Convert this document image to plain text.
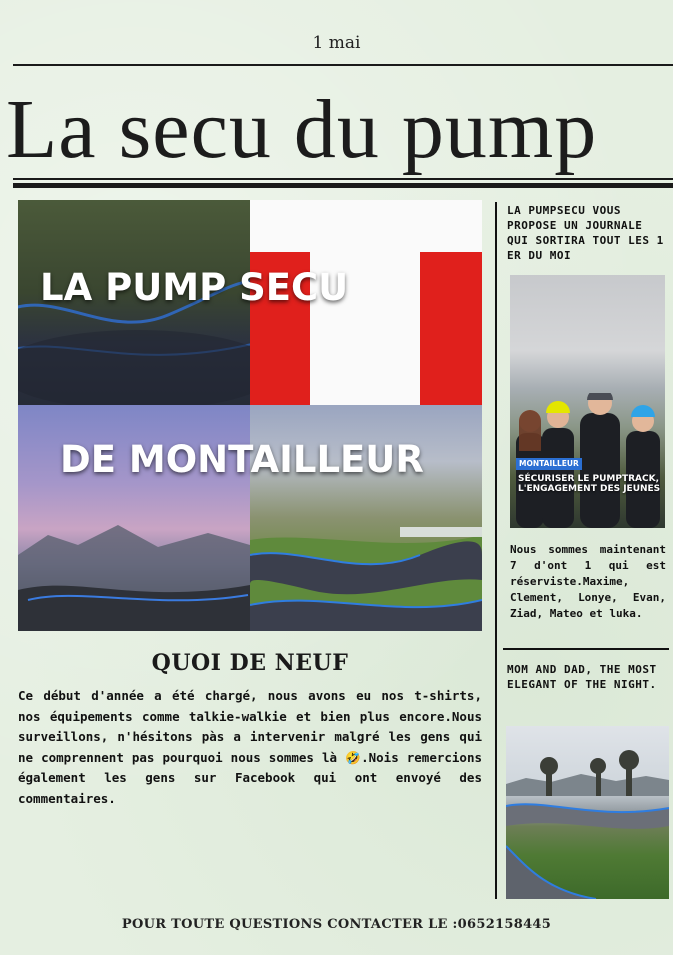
1 mai
La secu du pump
LA PUMP SECU
DE MONTAILLEUR
QUOI DE NEUF
Ce début d'année a été chargé, nous avons eu nos t-shirts, nos équipements comme talkie-walkie et bien plus encore.Nous surveillons, n'hésitons pàs a intervenir malgré les gens qui ne comprennent pas pourquoi nous sommes là 🤣.Nois remercions également les gens sur Facebook qui ont envoyé des commentaires.
LA PUMPSECU VOUS PROPOSE UN JOURNALE QUI SORTIRA TOUT LES 1 ER DU MOI
MONTAILLEUR
SÉCURISER LE PUMPTRACK, L'ENGAGEMENT DES JEUNES
Nous sommes maintenant 7 d'ont 1 qui est réserviste.Maxime, Clement, Lonye, Evan, Ziad, Mateo et luka.
MOM AND DAD, THE MOST ELEGANT OF THE NIGHT.
POUR TOUTE QUESTIONS CONTACTER LE :0652158445
